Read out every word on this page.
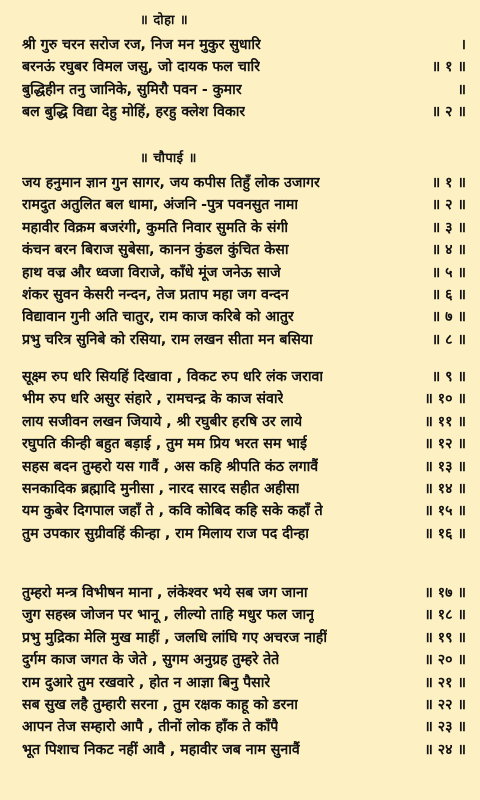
॥ दोहा ॥
श्री गुरु चरन सरोज रज, निज मन मुकुर सुधारि	।
बरनऊं रघुबर विमल जसु, जो दायक फल चारि	॥ १ ॥
बुद्धिहीन तनु जानिके, सुमिरौ पवन - कुमार	॥
बल बुद्धि विद्या देहु मोहिं, हरहु क्लेश विकार	॥ २ ॥
॥ चौपाई ॥
जय हनुमान ज्ञान गुन सागर, जय कपीस तिहुँ लोक उजागर	॥ १ ॥
रामदुत अतुलित बल धामा, अंजनि -पुत्र पवनसुत नामा	॥ २ ॥
महावीर विक्रम बजरंगी, कुमति निवार सुमति के संगी	॥ ३ ॥
कंचन बरन बिराज सुबेसा, कानन कुंडल कुंचित केसा	॥ ४ ॥
हाथ वज्र और ध्वजा विराजे, काँधे मूंज जनेऊ साजे	॥ ५ ॥
शंकर सुवन केसरी नन्दन, तेज प्रताप महा जग वन्दन	॥ ६ ॥
विद्यावान गुनी अति चातुर, राम काज करिबे को आतुर	॥ ७ ॥
प्रभु चरित्र सुनिबे को रसिया, राम लखन सीता मन बसिया	॥ ८ ॥
सूक्ष्म रुप धरि सियहिं दिखावा , विकट रुप धरि लंक जरावा	॥ ९ ॥
भीम रुप धरि असुर संहारे , रामचन्द्र के काज संवारे	॥ १० ॥
लाय सजीवन लखन जियाये , श्री रघुबीर हरषि उर लाये	॥ ११ ॥
रघुपति कीन्ही बहुत बड़ाई , तुम मम प्रिय भरत सम भाई	॥ १२ ॥
सहस बदन तुम्हरो यस गावैं , अस कहि श्रीपति कंठ लगावैं	॥ १३ ॥
सनकादिक ब्रह्मादि मुनीसा , नारद सारद सहीत अहीसा	॥ १४ ॥
यम कुबेर दिगपाल जहाँ ते , कवि कोबिद कहि सके कहाँ ते	॥ १५ ॥
तुम उपकार सुग्रीवहिं कीन्हा , राम मिलाय राज पद दीन्हा	॥ १६ ॥
तुम्हरो मन्त्र विभीषन माना , लंकेश्वर भये सब जग जाना	॥ १७ ॥
जुग सहस्त्र जोजन पर भानू , लील्यो ताहि मधुर फल जानू	॥ १८ ॥
प्रभु मुद्रिका मेलि मुख माहीं , जलधि लांघि गए अचरज नाहीं	॥ १९ ॥
दुर्गम काज जगत के जेते , सुगम अनुग्रह तुम्हरे तेते	॥ २० ॥
राम दुआरे तुम रखवारे , होत न आज्ञा बिनु पैसारे	॥ २१ ॥
सब सुख लहै तुम्हारी सरना , तुम रक्षक काहू को डरना	॥ २२ ॥
आपन तेज सम्हारो आपै , तीनों लोक हाँक ते काँपै	॥ २३ ॥
भूत पिशाच निकट नहीं आवै , महावीर जब नाम सुनावैं	॥ २४ ॥
